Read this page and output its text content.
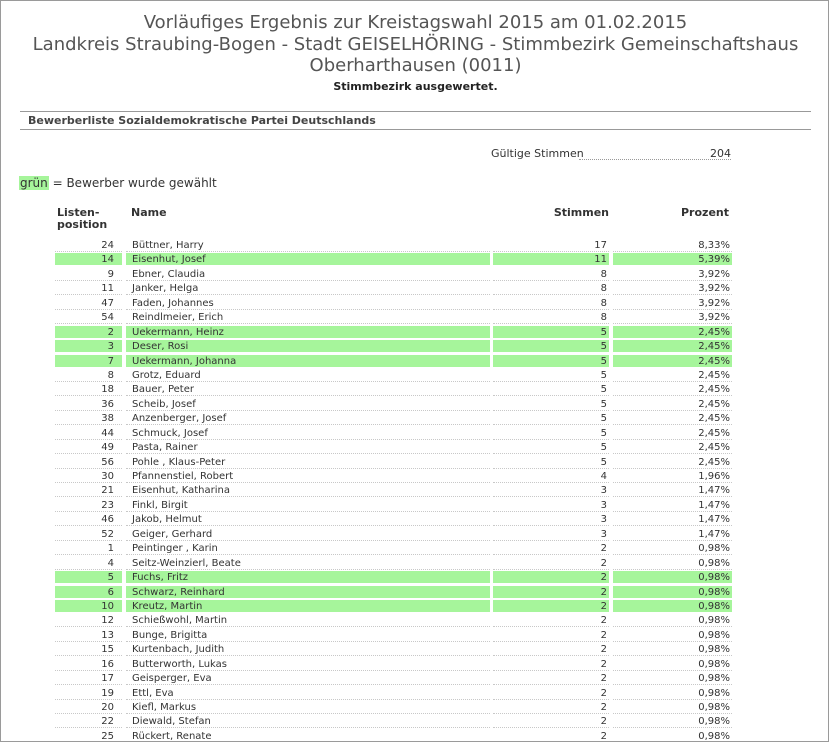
Vorläufiges Ergebnis zur Kreistagswahl 2015 am 01.02.2015
Landkreis Straubing-Bogen - Stadt GEISELHÖRING - Stimmbezirk Gemeinschaftshaus
Oberharthausen (0011)
Stimmbezirk ausgewertet.
Bewerberliste Sozialdemokratische Partei Deutschlands
Gültige Stimmen	204
grün = Bewerber wurde gewählt
Listen-
position
Name	Stimmen	Prozent
24	Büttner, Harry	17	8,33%
14	Eisenhut, Josef	11	5,39%
9	Ebner, Claudia	8	3,92%
11	Janker, Helga	8	3,92%
47	Faden, Johannes	8	3,92%
54	Reindlmeier, Erich	8	3,92%
2	Uekermann, Heinz	5	2,45%
3	Deser, Rosi	5	2,45%
7	Uekermann, Johanna	5	2,45%
8	Grotz, Eduard	5	2,45%
18	Bauer, Peter	5	2,45%
36	Scheib, Josef	5	2,45%
38	Anzenberger, Josef	5	2,45%
44	Schmuck, Josef	5	2,45%
49	Pasta, Rainer	5	2,45%
56	Pohle , Klaus-Peter	5	2,45%
30	Pfannenstiel, Robert	4	1,96%
21	Eisenhut, Katharina	3	1,47%
23	Finkl, Birgit	3	1,47%
46	Jakob, Helmut	3	1,47%
52	Geiger, Gerhard	3	1,47%
1	Peintinger , Karin	2	0,98%
4	Seitz-Weinzierl, Beate	2	0,98%
5	Fuchs, Fritz	2	0,98%
6	Schwarz, Reinhard	2	0,98%
10	Kreutz, Martin	2	0,98%
12	Schießwohl, Martin	2	0,98%
13	Bunge, Brigitta	2	0,98%
15	Kurtenbach, Judith	2	0,98%
16	Butterworth, Lukas	2	0,98%
17	Geisperger, Eva	2	0,98%
19	Ettl, Eva	2	0,98%
20	Kiefl, Markus	2	0,98%
22	Diewald, Stefan	2	0,98%
25	Rückert, Renate	2	0,98%
